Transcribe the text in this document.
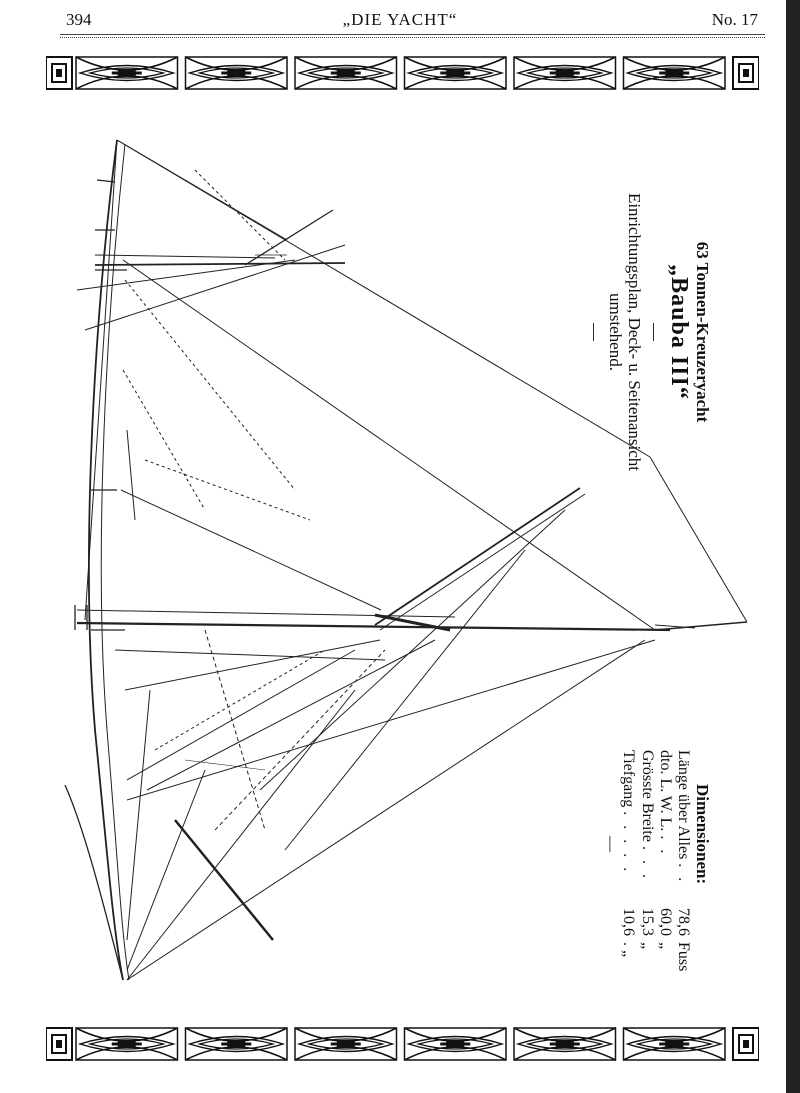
394	„DIE YACHT“	No. 17
63 Tonnen-Kreuzeryacht
„Bauba III“
—
Einrichtungsplan, Deck- u. Seitenansicht
umstehend.
—
Dimensionen:
Länge über Alles
. .
78,6
Fuss
dto. L. W. L.
. .
60,0
„
Grösste Breite
. . .
15,3
„
Tiefgang
. . . . .
10,6
. „
—
